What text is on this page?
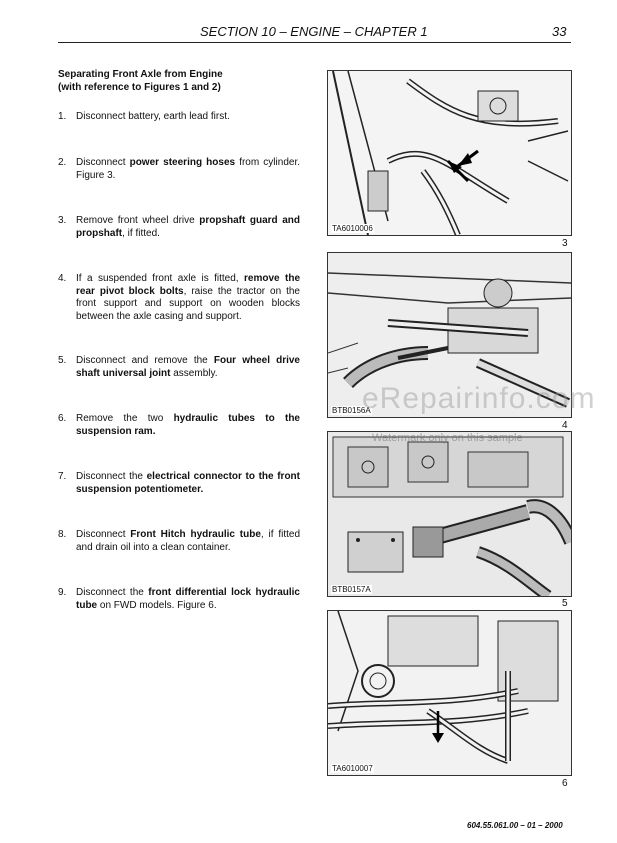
SECTION 10 – ENGINE – CHAPTER 1	33
Separating Front Axle from Engine
(with reference to Figures 1 and 2)
1. Disconnect battery, earth lead first.
2. Disconnect power steering hoses from cylinder. Figure 3.
3. Remove front wheel drive propshaft guard and propshaft, if fitted.
4. If a suspended front axle is fitted, remove the rear pivot block bolts, raise the tractor on the front support and support on wooden blocks between the axle casing and support.
5. Disconnect and remove the Four wheel drive shaft universal joint assembly.
6. Remove the two hydraulic tubes to the suspension ram.
7. Disconnect the electrical connector to the front suspension potentiometer.
8. Disconnect Front Hitch hydraulic tube, if fitted and drain oil into a clean container.
9. Disconnect the front differential lock hydraulic tube on FWD models. Figure 6.
TA6010006
3
BTB0156A
4
BTB0157A
5
TA6010007
6
eRepairinfo.com
Watermark only on this sample
604.55.061.00 – 01 – 2000
